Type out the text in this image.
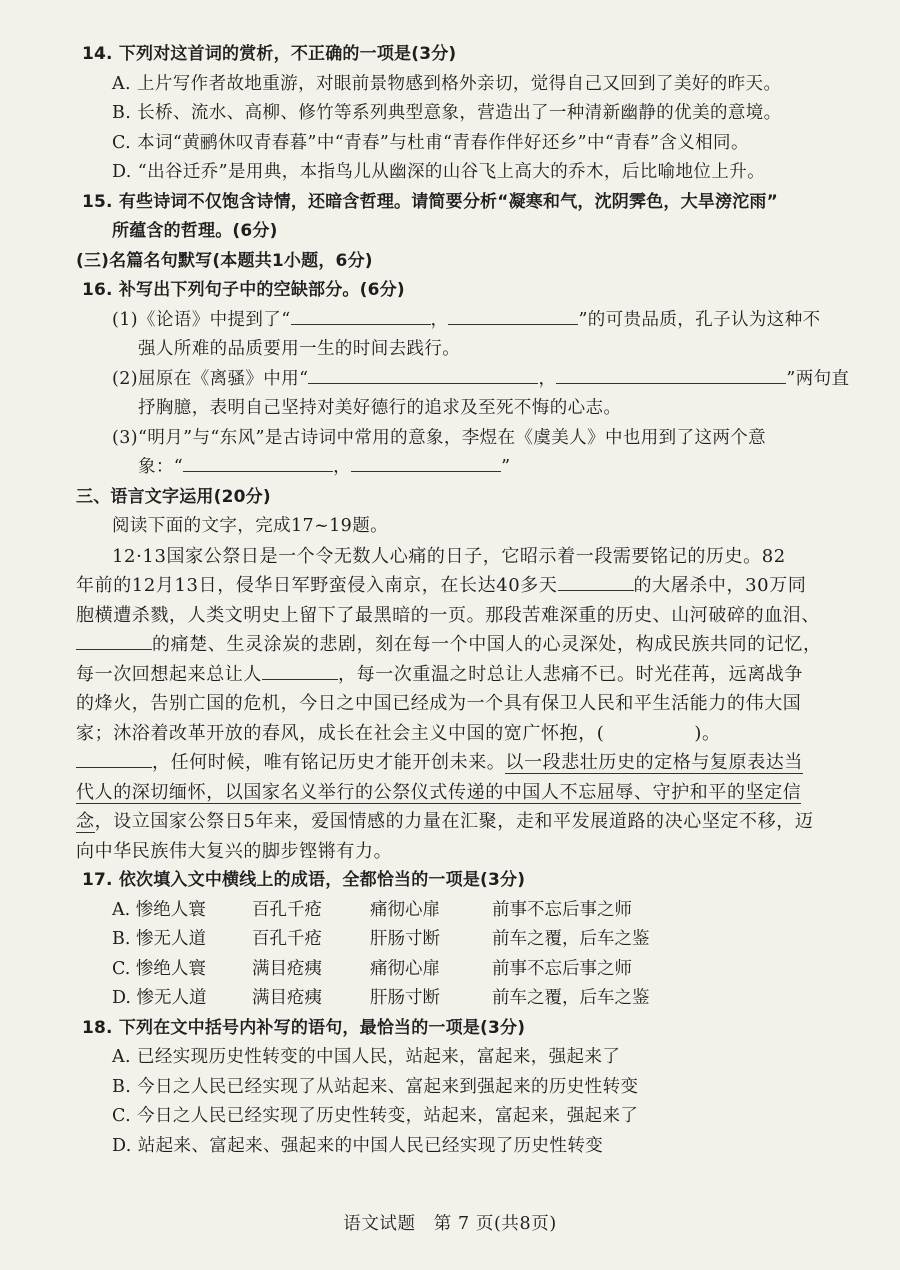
14. 下列对这首词的赏析，不正确的一项是(3分)
A. 上片写作者故地重游，对眼前景物感到格外亲切，觉得自己又回到了美好的昨天。
B. 长桥、流水、高柳、修竹等系列典型意象，营造出了一种清新幽静的优美的意境。
C. 本词“黄鹂休叹青春暮”中“青春”与杜甫“青春作伴好还乡”中“青春”含义相同。
D. “出谷迁乔”是用典，本指鸟儿从幽深的山谷飞上高大的乔木，后比喻地位上升。
15. 有些诗词不仅饱含诗情，还暗含哲理。请简要分析“凝寒和气，沈阴霁色，大旱滂沱雨”
所蕴含的哲理。(6分)
(三)名篇名句默写(本题共1小题，6分)
16. 补写出下列句子中的空缺部分。(6分)
(1)《论语》中提到了“	，	”的可贵品质，孔子认为这种不
强人所难的品质要用一生的时间去践行。
(2)屈原在《离骚》中用“	，	”两句直
抒胸臆，表明自己坚持对美好德行的追求及至死不悔的心志。
(3)“明月”与“东风”是古诗词中常用的意象，李煜在《虞美人》中也用到了这两个意
象：“	，	”
三、语言文字运用(20分)
阅读下面的文字，完成17~19题。
12·13国家公祭日是一个令无数人心痛的日子，它昭示着一段需要铭记的历史。82
年前的12月13日，侵华日军野蛮侵入南京，在长达40多天	的大屠杀中，30万同
胞横遭杀戮，人类文明史上留下了最黑暗的一页。那段苦难深重的历史、山河破碎的血泪、
的痛楚、生灵涂炭的悲剧，刻在每一个中国人的心灵深处，构成民族共同的记忆，
每一次回想起来总让人	，每一次重温之时总让人悲痛不已。时光荏苒，远离战争
的烽火，告别亡国的危机，今日之中国已经成为一个具有保卫人民和平生活能力的伟大国
家；沐浴着改革开放的春风，成长在社会主义中国的宽广怀抱，(	)。
，任何时候，唯有铭记历史才能开创未来。以一段悲壮历史的定格与复原表达当
代人的深切缅怀，以国家名义举行的公祭仪式传递的中国人不忘屈辱、守护和平的坚定信
念，设立国家公祭日5年来，爱国情感的力量在汇聚，走和平发展道路的决心坚定不移，迈
向中华民族伟大复兴的脚步铿锵有力。
17. 依次填入文中横线上的成语，全都恰当的一项是(3分)
A. 惨绝人寰	百孔千疮	痛彻心扉	前事不忘后事之师
B. 惨无人道	百孔千疮	肝肠寸断	前车之覆，后车之鉴
C. 惨绝人寰	满目疮痍	痛彻心扉	前事不忘后事之师
D. 惨无人道	满目疮痍	肝肠寸断	前车之覆，后车之鉴
18. 下列在文中括号内补写的语句，最恰当的一项是(3分)
A. 已经实现历史性转变的中国人民，站起来，富起来，强起来了
B. 今日之人民已经实现了从站起来、富起来到强起来的历史性转变
C. 今日之人民已经实现了历史性转变，站起来，富起来，强起来了
D. 站起来、富起来、强起来的中国人民已经实现了历史性转变
语文试题　第 7 页(共8页)
